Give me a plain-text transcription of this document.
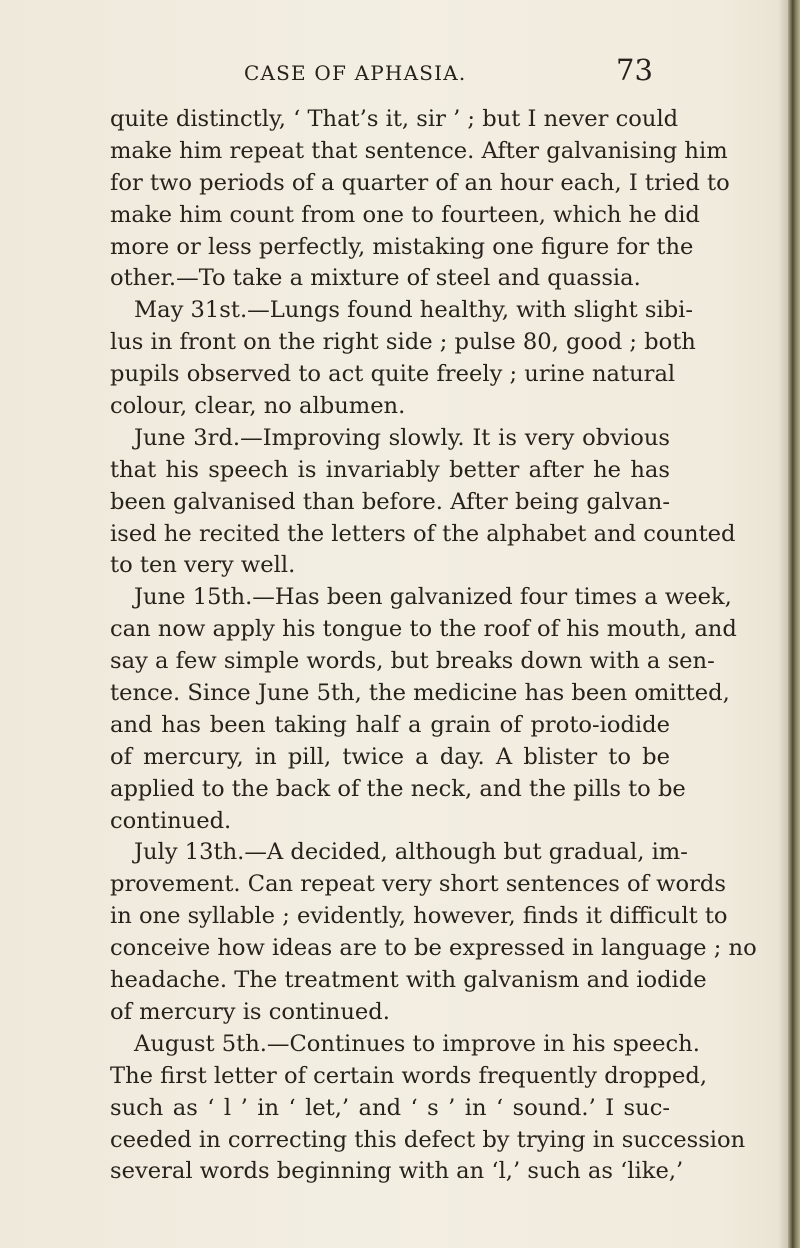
CASE OF APHASIA.	73
quite distinctly, ‘ That’s it, sir ’ ; but I never could
make him repeat that sentence. After galvanising him
for two periods of a quarter of an hour each, I tried to
make him count from one to fourteen, which he did
more or less perfectly, mistaking one figure for the
other.—To take a mixture of steel and quassia.
May 31st.—Lungs found healthy, with slight sibi-
lus in front on the right side ; pulse 80, good ; both
pupils observed to act quite freely ; urine natural
colour, clear, no albumen.
June 3rd.—Improving slowly. It is very obvious
that his speech is invariably better after he has
been galvanised than before. After being galvan-
ised he recited the letters of the alphabet and counted
to ten very well.
June 15th.—Has been galvanized four times a week,
can now apply his tongue to the roof of his mouth, and
say a few simple words, but breaks down with a sen-
tence. Since June 5th, the medicine has been omitted,
and has been taking half a grain of proto-iodide
of mercury, in pill, twice a day. A blister to be
applied to the back of the neck, and the pills to be
continued.
July 13th.—A decided, although but gradual, im-
provement. Can repeat very short sentences of words
in one syllable ; evidently, however, finds it difficult to
conceive how ideas are to be expressed in language ; no
headache. The treatment with galvanism and iodide
of mercury is continued.
August 5th.—Continues to improve in his speech.
The first letter of certain words frequently dropped,
such as ‘ l ’ in ‘ let,’ and ‘ s ’ in ‘ sound.’ I suc-
ceeded in correcting this defect by trying in succession
several words beginning with an ‘l,’ such as ‘like,’
